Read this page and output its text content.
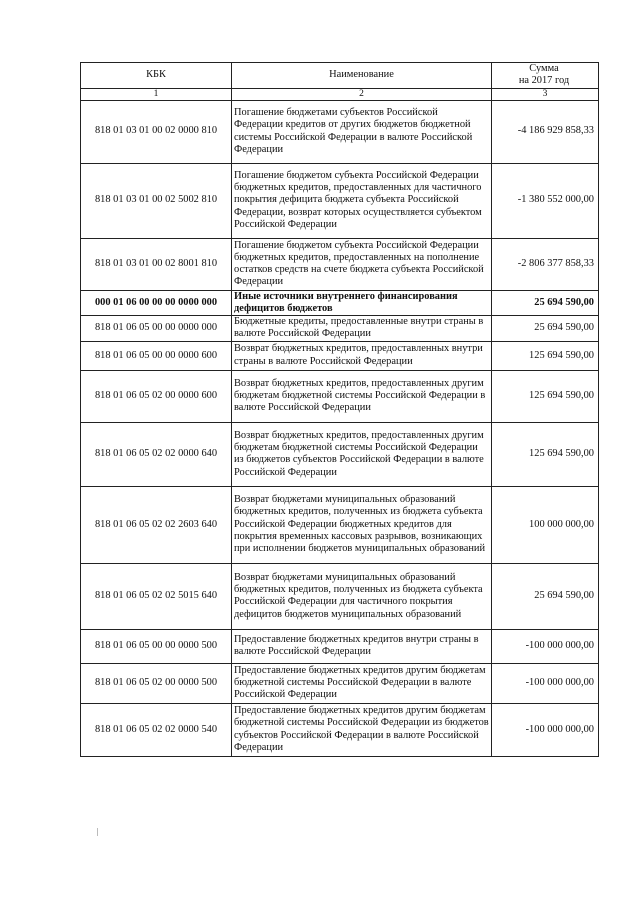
КБК	Наименование	Сумма
на 2017 год
1	2	3
818 01 03 01 00 02 0000 810	Погашение бюджетами субъектов Российской Федерации кредитов от других бюджетов бюджетной системы Российской Федерации в валюте Российской Федерации	-4 186 929 858,33
818 01 03 01 00 02 5002 810	Погашение бюджетом субъекта Российской Федерации бюджетных кредитов, предоставленных для частичного покрытия дефицита бюджета субъекта Российской Федерации, возврат которых осуществляется субъектом Российской Федерации	-1 380 552 000,00
818 01 03 01 00 02 8001 810	Погашение бюджетом субъекта Российской Федерации бюджетных кредитов, предоставленных на пополнение остатков средств на счете бюджета субъекта Российской Федерации	-2 806 377 858,33
000 01 06 00 00 00 0000 000	Иные источники внутреннего финансирования дефицитов бюджетов	25 694 590,00
818 01 06 05 00 00 0000 000	Бюджетные кредиты, предоставленные внутри страны в валюте Российской Федерации	25 694 590,00
818 01 06 05 00 00 0000 600	Возврат бюджетных кредитов, предоставленных внутри страны в валюте Российской Федерации	125 694 590,00
818 01 06 05 02 00 0000 600	Возврат бюджетных кредитов, предоставленных другим бюджетам бюджетной системы Российской Федерации в валюте Российской Федерации	125 694 590,00
818 01 06 05 02 02 0000 640	Возврат бюджетных кредитов, предоставленных другим бюджетам бюджетной системы Российской Федерации из бюджетов субъектов Российской Федерации в валюте Российской Федерации	125 694 590,00
818 01 06 05 02 02 2603 640	Возврат бюджетами муниципальных образований бюджетных кредитов, полученных из бюджета субъекта Российской Федерации бюджетных кредитов для покрытия временных кассовых разрывов, возникающих при исполнении бюджетов муниципальных образований	100 000 000,00
818 01 06 05 02 02 5015 640	Возврат бюджетами муниципальных образований бюджетных кредитов, полученных из бюджета субъекта Российской Федерации для частичного покрытия дефицитов бюджетов муниципальных образований	25 694 590,00
818 01 06 05 00 00 0000 500	Предоставление бюджетных кредитов внутри страны в валюте Российской Федерации	-100 000 000,00
818 01 06 05 02 00 0000 500	Предоставление бюджетных кредитов другим бюджетам бюджетной системы Российской Федерации в валюте Российской Федерации	-100 000 000,00
818 01 06 05 02 02 0000 540	Предоставление бюджетных кредитов другим бюджетам бюджетной системы Российской Федерации из бюджетов субъектов Российской Федерации в валюте Российской Федерации	-100 000 000,00
